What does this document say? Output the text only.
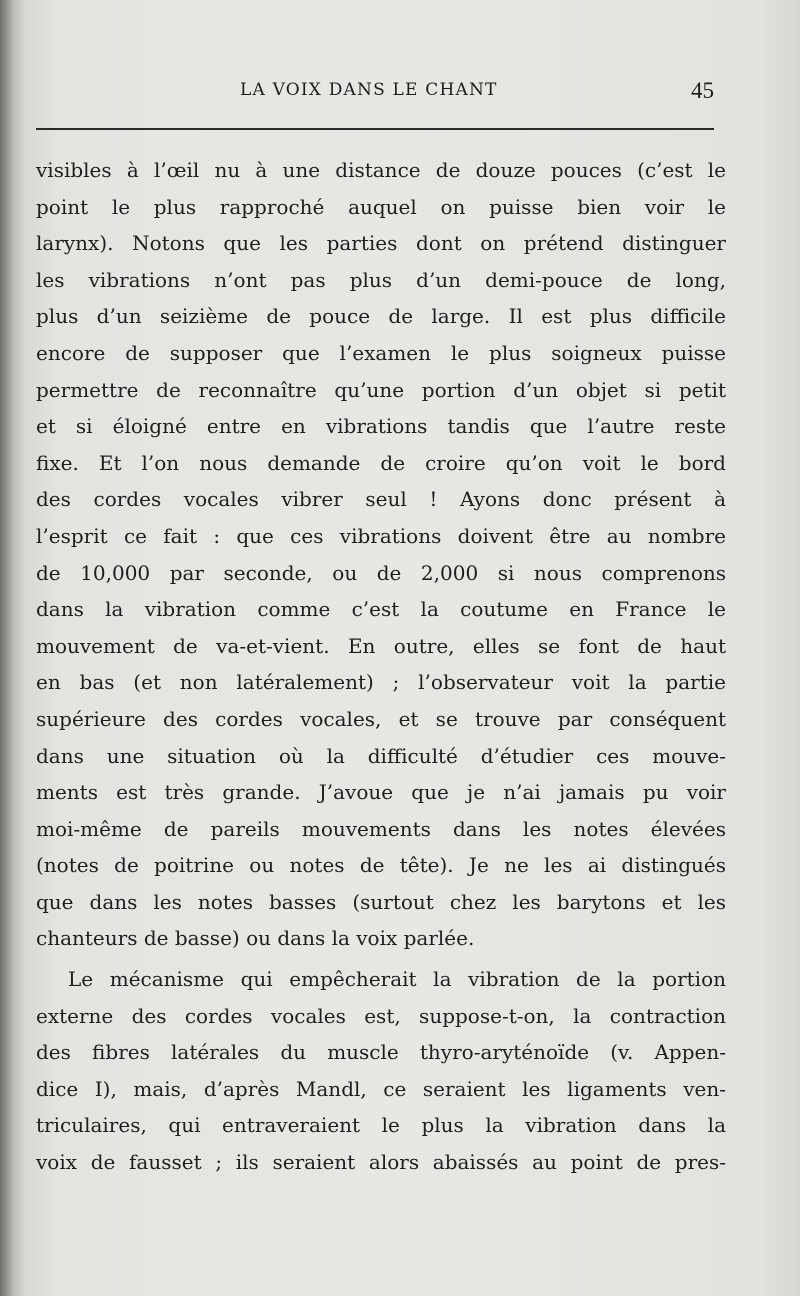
LA VOIX DANS LE CHANT	45
visibles à l’œil nu à une distance de douze pouces (c’est le
point le plus rapproché auquel on puisse bien voir le
larynx). Notons que les parties dont on prétend distinguer
les vibrations n’ont pas plus d’un demi-pouce de long,
plus d’un seizième de pouce de large. Il est plus difficile
encore de supposer que l’examen le plus soigneux puisse
permettre de reconnaître qu’une portion d’un objet si petit
et si éloigné entre en vibrations tandis que l’autre reste
fixe. Et l’on nous demande de croire qu’on voit le bord
des cordes vocales vibrer seul ! Ayons donc présent à
l’esprit ce fait : que ces vibrations doivent être au nombre
de 10,000 par seconde, ou de 2,000 si nous comprenons
dans la vibration comme c’est la coutume en France le
mouvement de va-et-vient. En outre, elles se font de haut
en bas (et non latéralement) ; l’observateur voit la partie
supérieure des cordes vocales, et se trouve par conséquent
dans une situation où la difficulté d’étudier ces mouve-
ments est très grande. J’avoue que je n’ai jamais pu voir
moi-même de pareils mouvements dans les notes élevées
(notes de poitrine ou notes de tête). Je ne les ai distingués
que dans les notes basses (surtout chez les barytons et les
chanteurs de basse) ou dans la voix parlée.
Le mécanisme qui empêcherait la vibration de la portion
externe des cordes vocales est, suppose-t-on, la contraction
des fibres latérales du muscle thyro-aryténoïde (v. Appen-
dice I), mais, d’après Mandl, ce seraient les ligaments ven-
triculaires, qui entraveraient le plus la vibration dans la
voix de fausset ; ils seraient alors abaissés au point de pres-
